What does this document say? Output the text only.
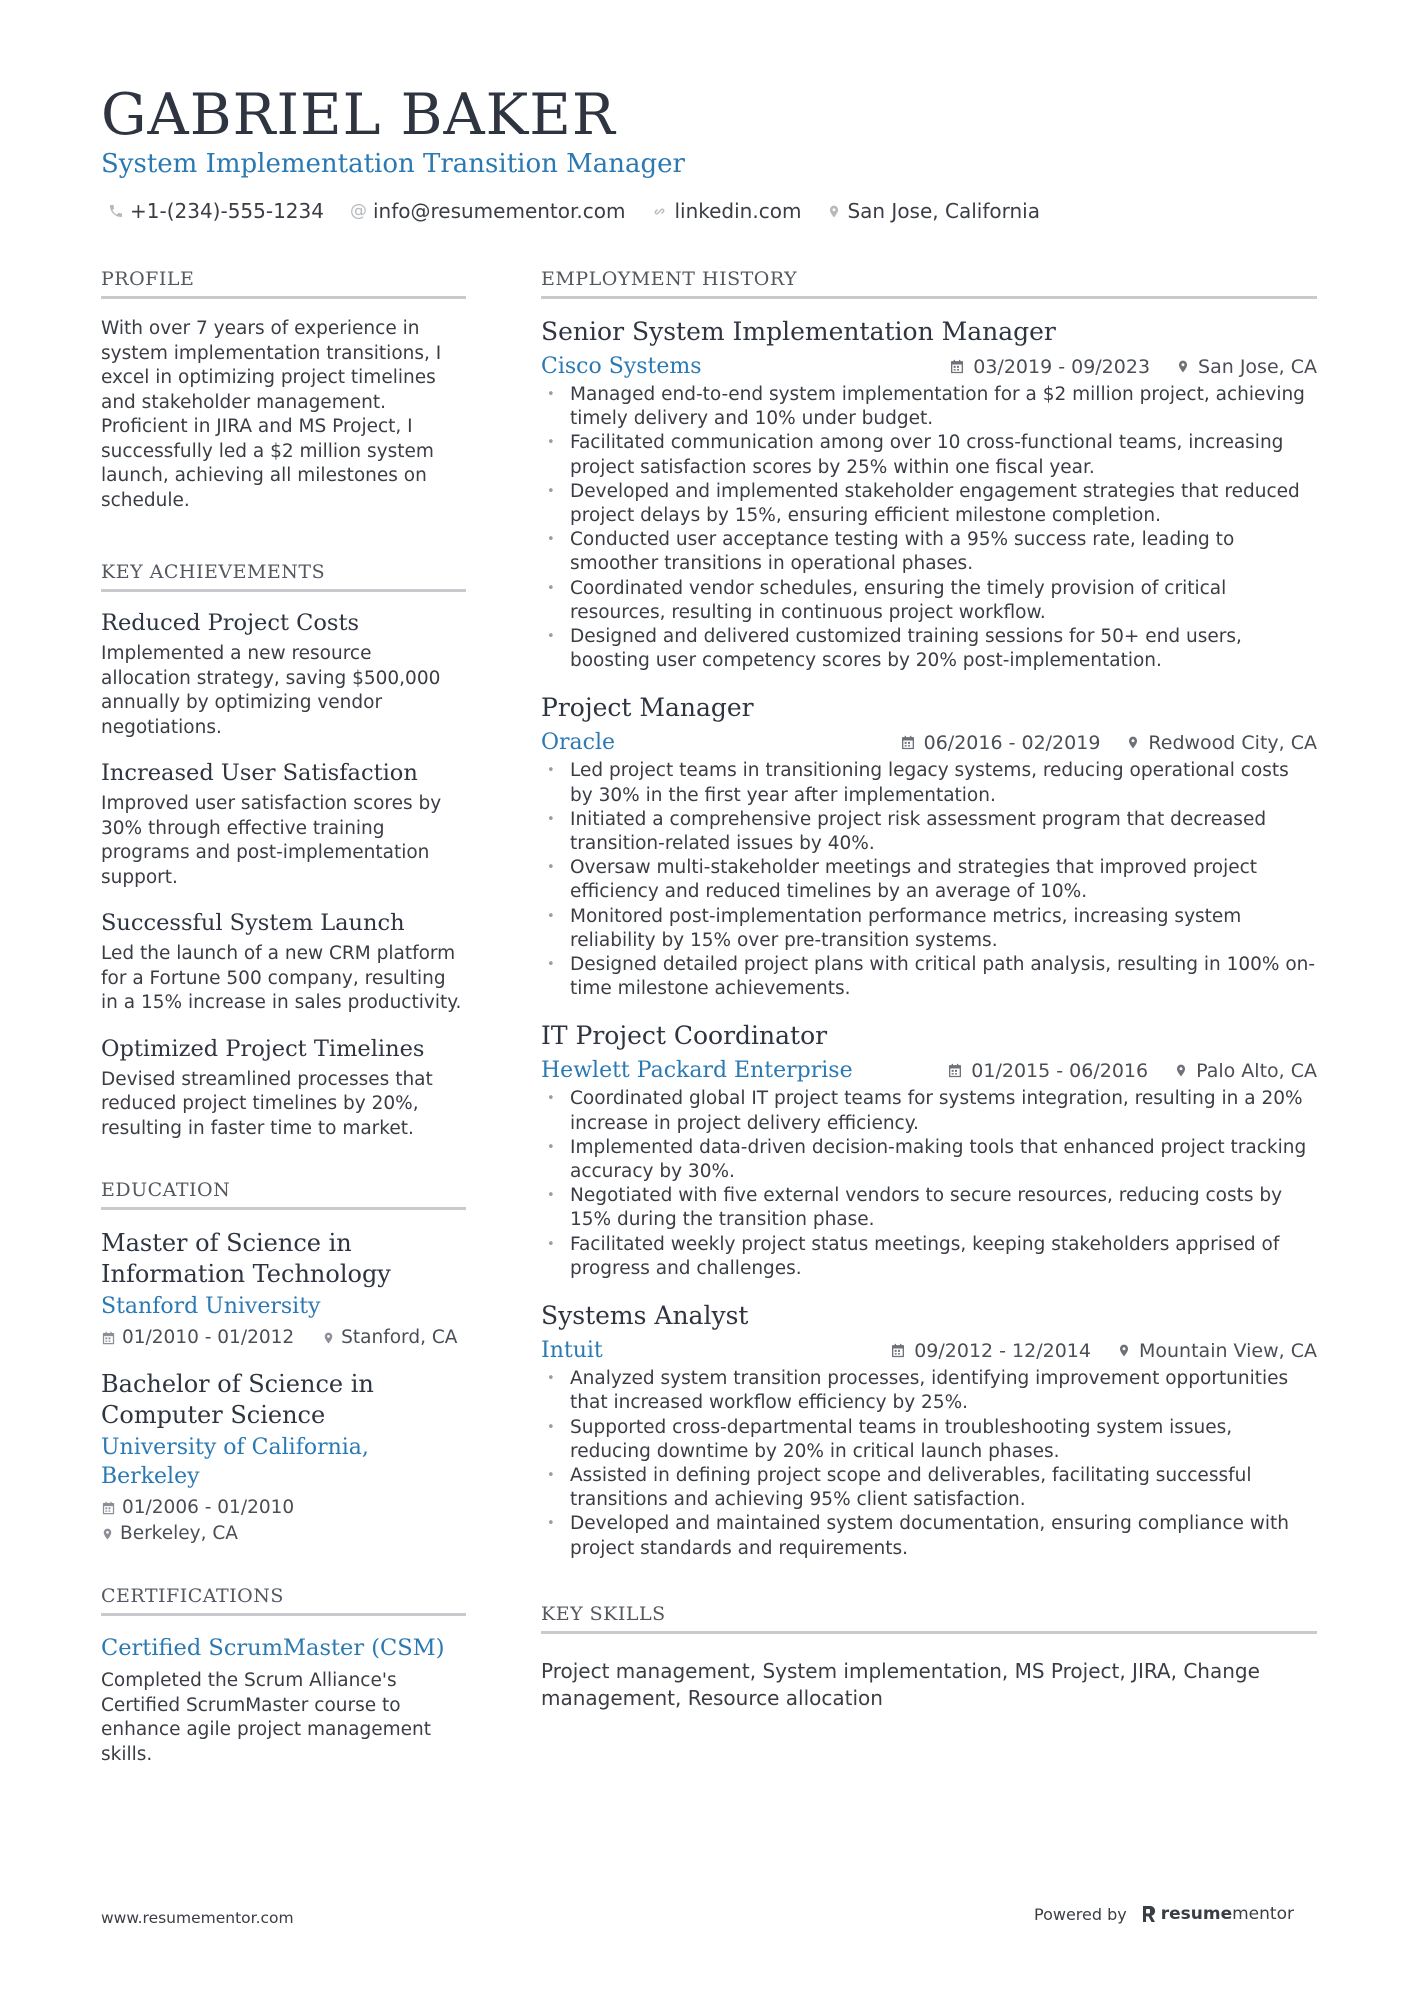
GABRIEL BAKER
System Implementation Transition Manager
+1-(234)-555-1234 @ info@resumementor.com linkedin.com San Jose, California
PROFILE

With over 7 years of experience in system implementation transitions, I excel in optimizing project timelines and stakeholder management. Proficient in JIRA and MS Project, I successfully led a $2 million system launch, achieving all milestones on schedule.

KEY ACHIEVEMENTS
Reduced Project Costs

Implemented a new resource allocation strategy, saving $500,000 annually by optimizing vendor negotiations.

Increased User Satisfaction

Improved user satisfaction scores by 30% through effective training programs and post-implementation support.

Successful System Launch

Led the launch of a new CRM platform for a Fortune 500 company, resulting in a 15% increase in sales productivity.

Optimized Project Timelines

Devised streamlined processes that reduced project timelines by 20%, resulting in faster time to market.

EDUCATION
Master of Science in Information Technology
Stanford University
01/2010 - 01/2012	Stanford, CA
Bachelor of Science in Computer Science
University of California, Berkeley
01/2006 - 01/2010
Berkeley, CA
CERTIFICATIONS
Certified ScrumMaster (CSM)

Completed the Scrum Alliance's Certified ScrumMaster course to enhance agile project management skills.

EMPLOYMENT HISTORY
Senior System Implementation Manager
Cisco Systems	03/2019 - 09/2023	San Jose, CA
• Managed end-to-end system implementation for a $2 million project, achieving timely delivery and 10% under budget.
• Facilitated communication among over 10 cross-functional teams, increasing project satisfaction scores by 25% within one fiscal year.
• Developed and implemented stakeholder engagement strategies that reduced project delays by 15%, ensuring efficient milestone completion.
• Conducted user acceptance testing with a 95% success rate, leading to smoother transitions in operational phases.
• Coordinated vendor schedules, ensuring the timely provision of critical resources, resulting in continuous project workflow.
• Designed and delivered customized training sessions for 50+ end users, boosting user competency scores by 20% post-implementation.
Project Manager
Oracle	06/2016 - 02/2019	Redwood City, CA
• Led project teams in transitioning legacy systems, reducing operational costs by 30% in the first year after implementation.
• Initiated a comprehensive project risk assessment program that decreased transition-related issues by 40%.
• Oversaw multi-stakeholder meetings and strategies that improved project efficiency and reduced timelines by an average of 10%.
• Monitored post-implementation performance metrics, increasing system reliability by 15% over pre-transition systems.
• Designed detailed project plans with critical path analysis, resulting in 100% on-time milestone achievements.
IT Project Coordinator
Hewlett Packard Enterprise	01/2015 - 06/2016	Palo Alto, CA
• Coordinated global IT project teams for systems integration, resulting in a 20% increase in project delivery efficiency.
• Implemented data-driven decision-making tools that enhanced project tracking accuracy by 30%.
• Negotiated with five external vendors to secure resources, reducing costs by 15% during the transition phase.
• Facilitated weekly project status meetings, keeping stakeholders apprised of progress and challenges.
Systems Analyst
Intuit	09/2012 - 12/2014	Mountain View, CA
• Analyzed system transition processes, identifying improvement opportunities that increased workflow efficiency by 25%.
• Supported cross-departmental teams in troubleshooting system issues, reducing downtime by 20% in critical launch phases.
• Assisted in defining project scope and deliverables, facilitating successful transitions and achieving 95% client satisfaction.
• Developed and maintained system documentation, ensuring compliance with project standards and requirements.
KEY SKILLS

Project management, System implementation, MS Project, JIRA, Change management, Resource allocation

www.resumementor.com	Powered by resume mentor
